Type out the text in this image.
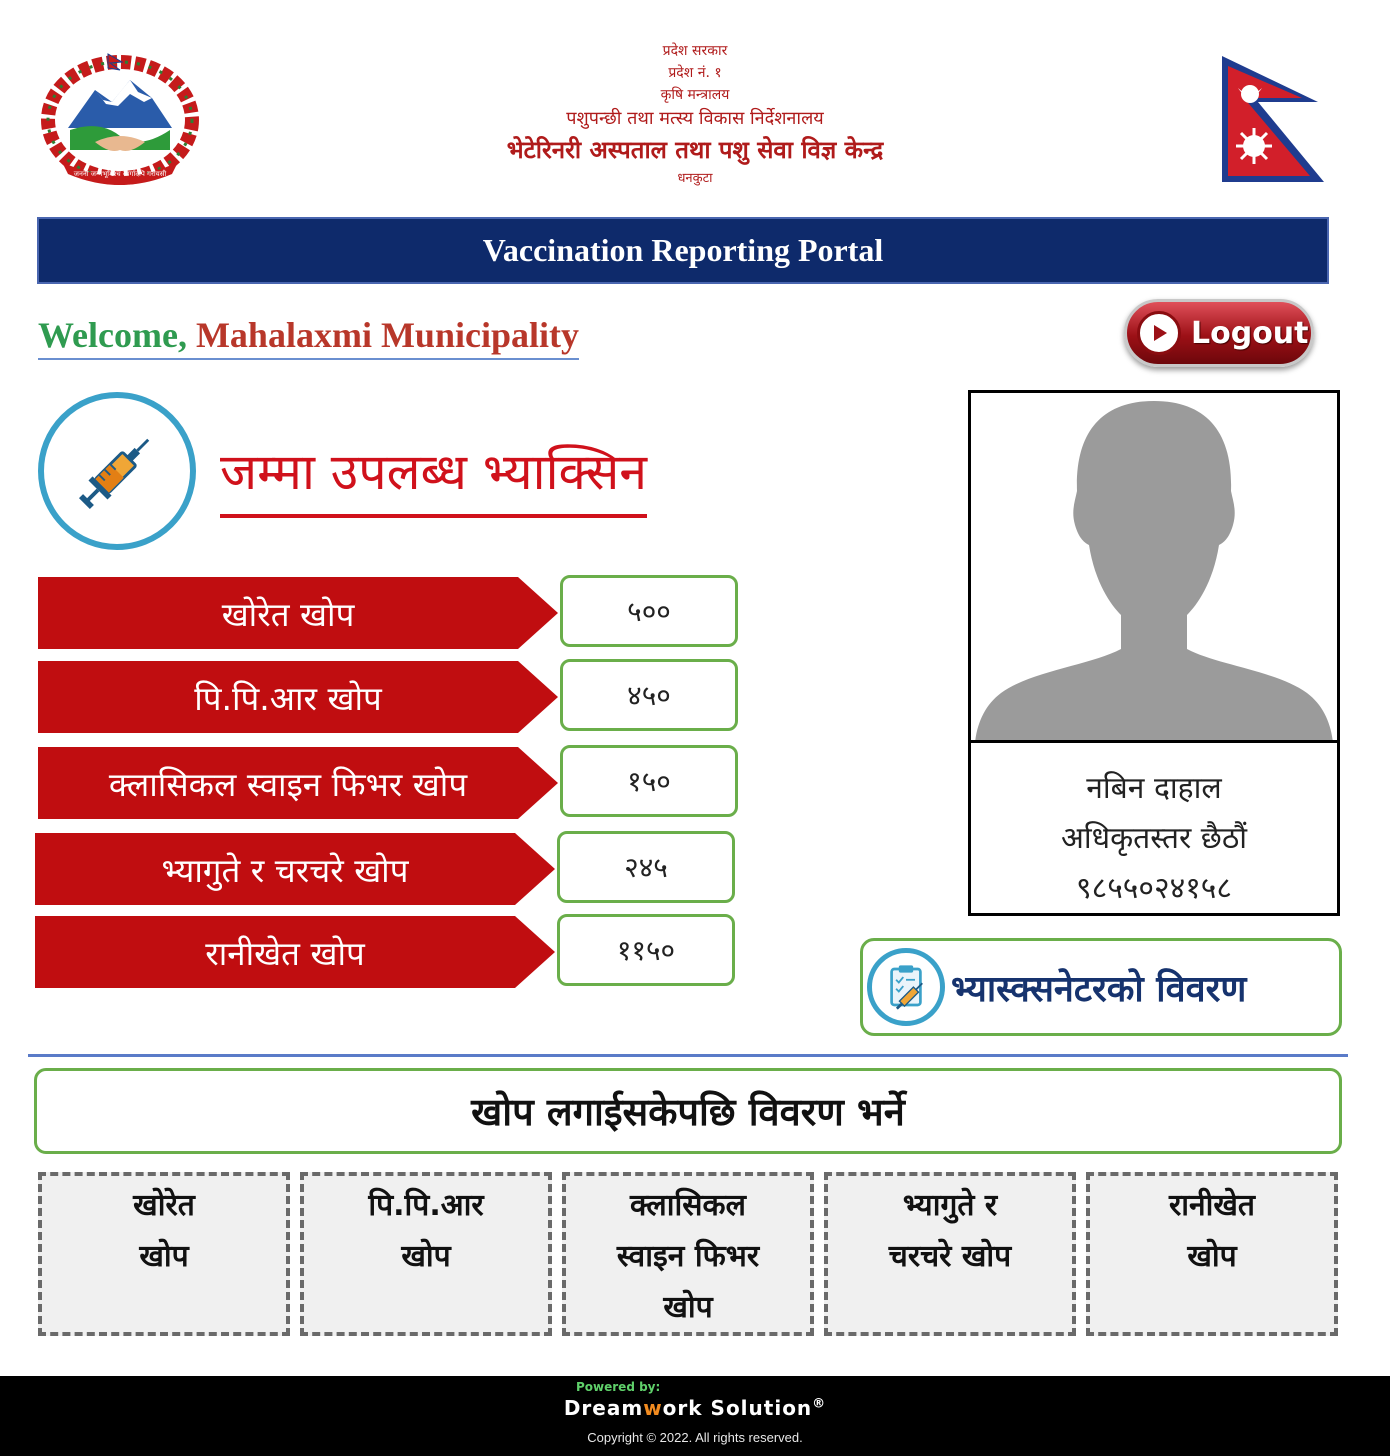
जननी जन्मभूमिश्च स्वर्गादपि गरीयसी
प्रदेश सरकार
प्रदेश नं. १
कृषि मन्त्रालय
पशुपन्छी तथा मत्स्य विकास निर्देशनालय
भेटेरिनरी अस्पताल तथा पशु सेवा विज्ञ केन्द्र
धनकुटा
Vaccination Reporting Portal
Welcome, Mahalaxmi Municipality	Logout
जम्मा उपलब्ध भ्याक्सिन
खोरेत खोप	५००
पि.पि.आर खोप	४५०
क्लासिकल स्वाइन फिभर खोप	१५०
भ्यागुते र चरचरे खोप	२४५
रानीखेत खोप	११५०
नबिन दाहाल
अधिकृतस्तर छैठौं
९८५५०२४१५८
भ्यास्क्सनेटरको विवरण
खोप लगाईसकेपछि विवरण भर्ने
खोरेत
खोप
पि.पि.आर
खोप
क्लासिकल
स्वाइन फिभर
खोप
भ्यागुते र
चरचरे खोप
रानीखेत
खोप
Powered by:
Dreamwork Solution®
Copyright © 2022. All rights reserved.
